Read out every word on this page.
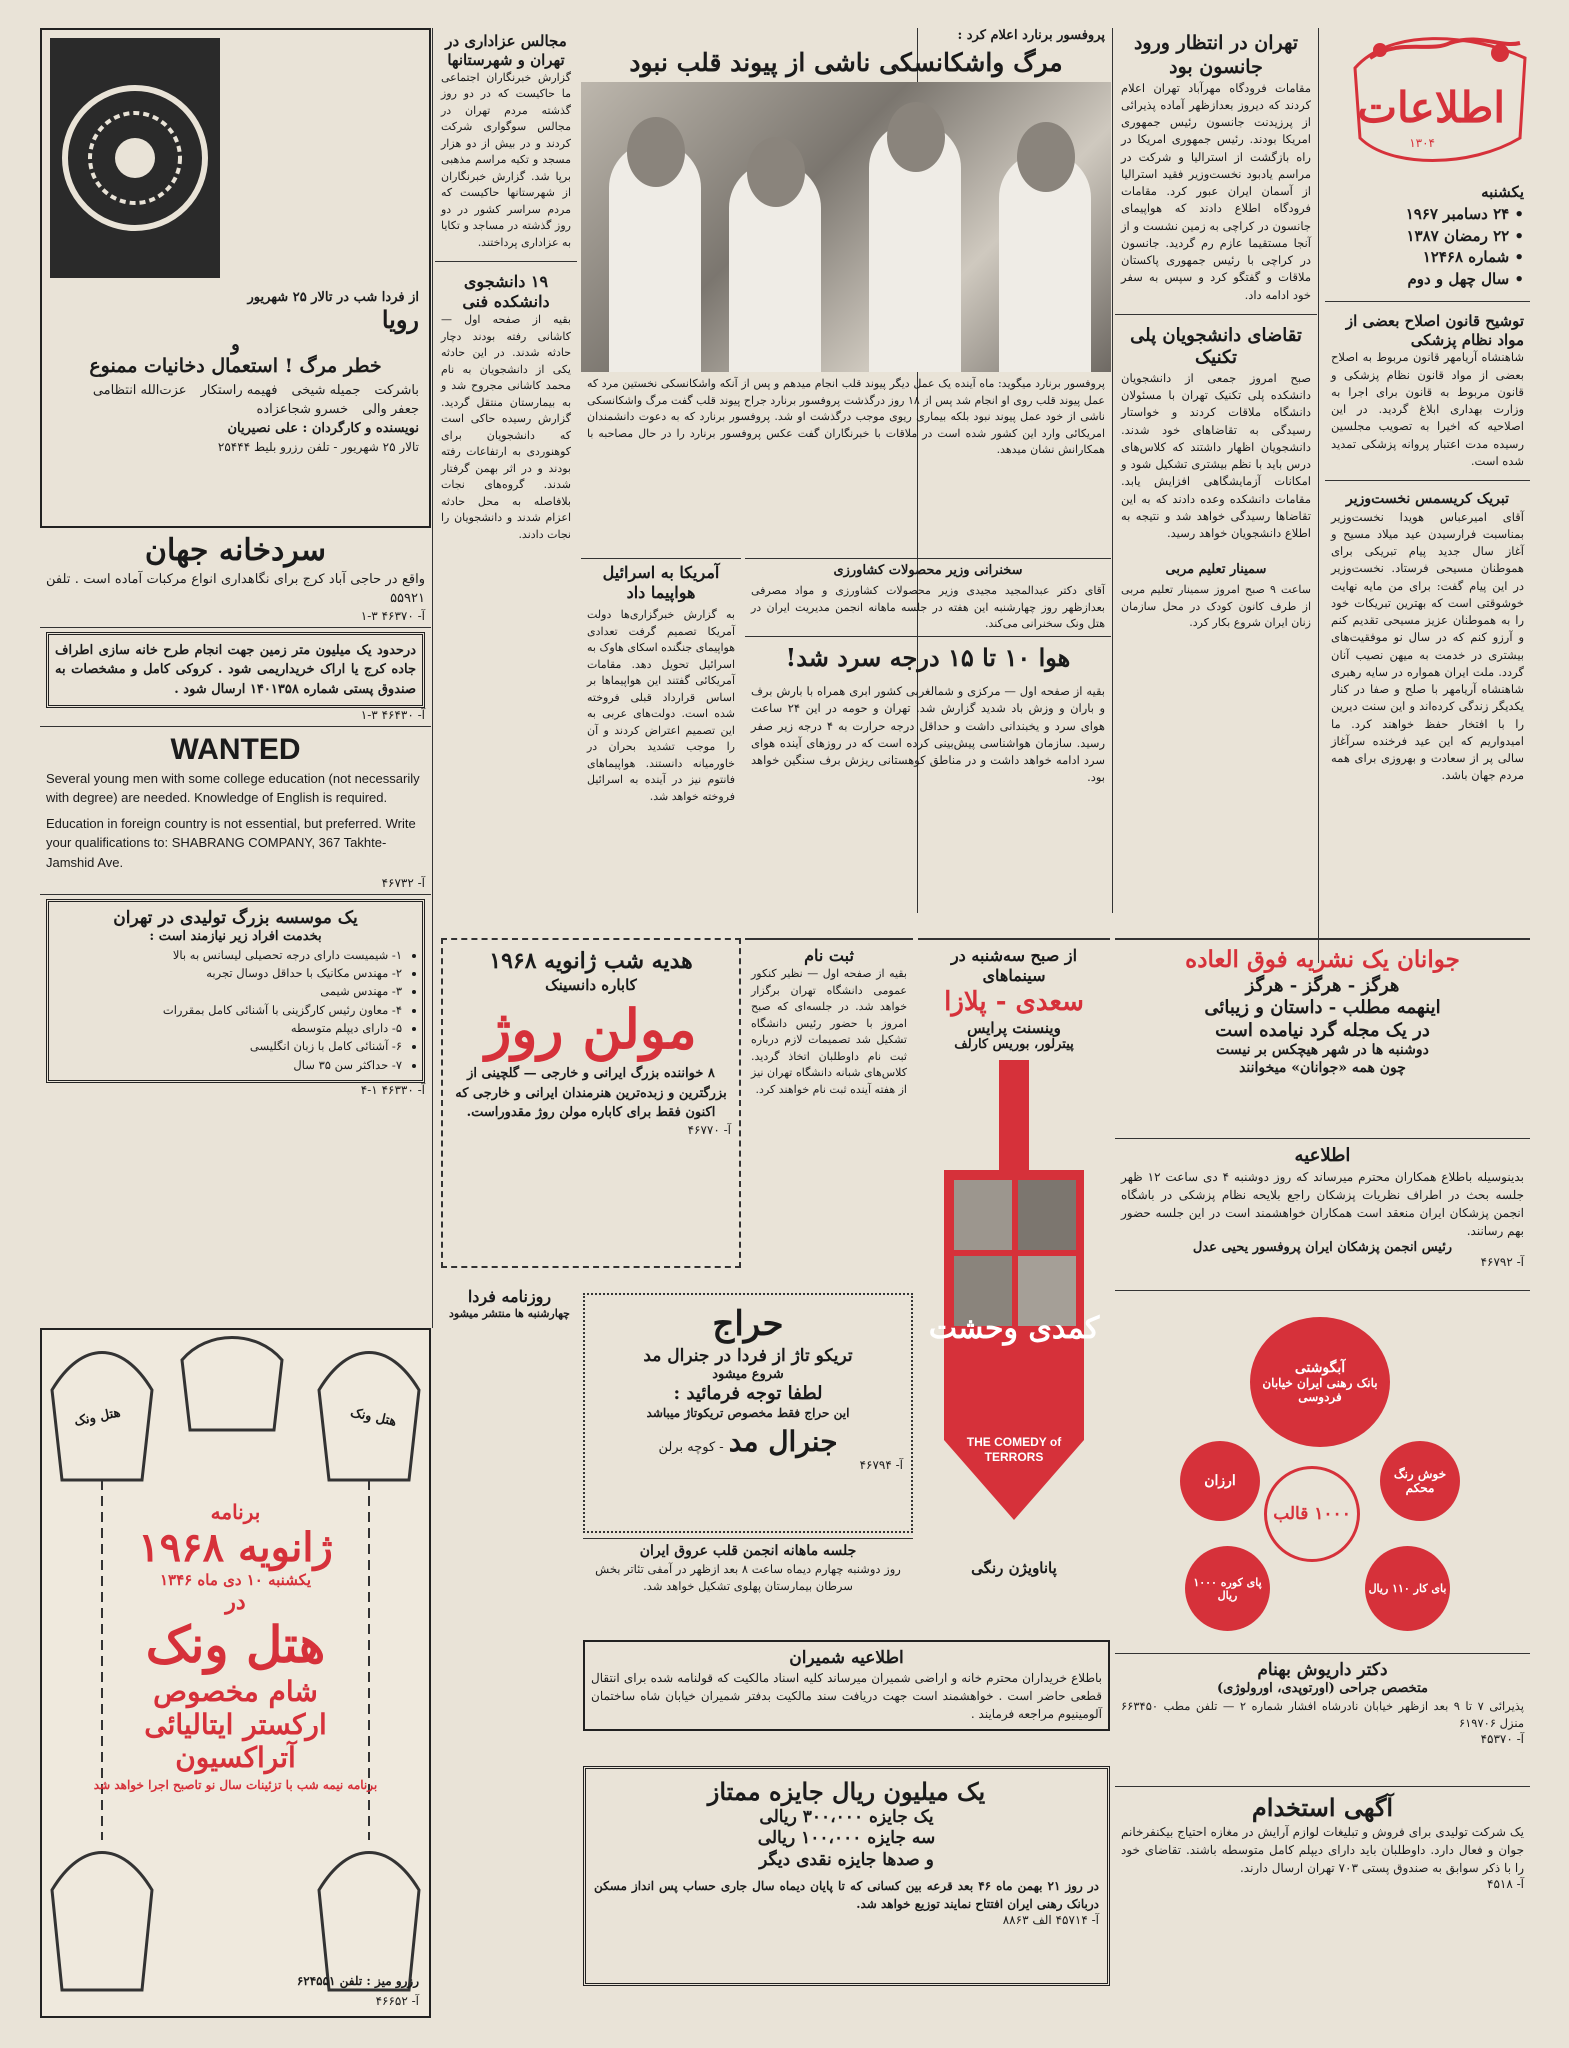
اطلاعات
۱۳۰۴
یکشنبه
• ۲۴ دسامبر ۱۹۶۷
• ۲۲ رمضان ۱۳۸۷
• شماره ۱۲۴۶۸
• سال چهل و دوم
توشیح قانون اصلاح بعضی از مواد نظام پزشکی
شاهنشاه آریامهر قانون مربوط به اصلاح بعضی از مواد قانون نظام پزشکی و قانون مربوط به قانون برای اجرا به وزارت بهداری ابلاغ گردید. در این اصلاحیه که اخیرا به تصویب مجلسین رسیده مدت اعتبار پروانه پزشکی تمدید شده است.
تبریک کریسمس نخست‌وزیر
آقای امیرعباس هویدا نخست‌وزیر بمناسبت فرارسیدن عید میلاد مسیح و آغاز سال جدید پیام تبریکی برای هموطنان مسیحی فرستاد. نخست‌وزیر در این پیام گفت: برای من مایه نهایت خوشوقتی است که بهترین تبریکات خود را به هموطنان عزیز مسیحی تقدیم کنم و آرزو کنم که در سال نو موفقیت‌های بیشتری در خدمت به میهن نصیب آنان گردد. ملت ایران همواره در سایه رهبری شاهنشاه آریامهر با صلح و صفا در کنار یکدیگر زندگی کرده‌اند و این سنت دیرین را با افتخار حفظ خواهند کرد. ما امیدواریم که این عید فرخنده سرآغاز سالی پر از سعادت و بهروزی برای همه مردم جهان باشد.
تهران در انتظار ورود جانسون بود
مقامات فرودگاه مهرآباد تهران اعلام کردند که دیروز بعدازظهر آماده پذیرائی از پرزیدنت جانسون رئیس جمهوری امریکا بودند. رئیس جمهوری امریکا در راه بازگشت از استرالیا و شرکت در مراسم یادبود نخست‌وزیر فقید استرالیا از آسمان ایران عبور کرد. مقامات فرودگاه اطلاع دادند که هواپیمای جانسون در کراچی به زمین نشست و از آنجا مستقیما عازم رم گردید. جانسون در کراچی با رئیس جمهوری پاکستان ملاقات و گفتگو کرد و سپس به سفر خود ادامه داد.
تقاضای دانشجویان پلی تکنیک
صبح امروز جمعی از دانشجویان دانشکده پلی تکنیک تهران با مسئولان دانشگاه ملاقات کردند و خواستار رسیدگی به تقاضاهای خود شدند. دانشجویان اظهار داشتند که کلاس‌های درس باید با نظم بیشتری تشکیل شود و امکانات آزمایشگاهی افزایش یابد. مقامات دانشکده وعده دادند که به این تقاضاها رسیدگی خواهد شد و نتیجه به اطلاع دانشجویان خواهد رسید.
پروفسور برنارد اعلام کرد :
مرگ واشکانسکی ناشی از پیوند قلب نبود
پروفسور برنارد میگوید: ماه آینده یک عمل دیگر پیوند قلب انجام میدهم و پس از آنکه واشکانسکی نخستین مرد که عمل پیوند قلب روی او انجام شد پس از ۱۸ روز درگذشت پروفسور برنارد جراح پیوند قلب گفت مرگ واشکانسکی ناشی از خود عمل پیوند نبود بلکه بیماری ریوی موجب درگذشت او شد. پروفسور برنارد که به دعوت دانشمندان امریکائی وارد این کشور شده است در ملاقات با خبرنگاران گفت عکس پروفسور برنارد را در حال مصاحبه با همکارانش نشان میدهد.
مجالس عزاداری در تهران و شهرستانها
گزارش خبرنگاران اجتماعی ما حاکیست که در دو روز گذشته مردم تهران در مجالس سوگواری شرکت کردند و در بیش از دو هزار مسجد و تکیه مراسم مذهبی برپا شد. گزارش خبرنگاران از شهرستانها حاکیست که مردم سراسر کشور در دو روز گذشته در مساجد و تکایا به عزاداری پرداختند.
۱۹ دانشجوی دانشکده فنی
بقیه از صفحه اول — کاشانی رفته بودند دچار حادثه شدند. در این حادثه یکی از دانشجویان به نام محمد کاشانی مجروح شد و به بیمارستان منتقل گردید. گزارش رسیده حاکی است که دانشجویان برای کوهنوردی به ارتفاعات رفته بودند و در اثر بهمن گرفتار شدند. گروه‌های نجات بلافاصله به محل حادثه اعزام شدند و دانشجویان را نجات دادند.
سخنرانی وزیر محصولات کشاورزی
آقای دکتر عبدالمجید مجیدی وزیر محصولات کشاورزی و مواد مصرفی بعدازظهر روز چهارشنبه این هفته در جلسه ماهانه انجمن مدیریت ایران در هتل ونک سخنرانی می‌کند.
سمینار تعلیم مربی
ساعت ۹ صبح امروز سمینار تعلیم مربی از طرف کانون کودک در محل سازمان زنان ایران شروع بکار کرد.
هوا ۱۰ تا ۱۵ درجه سرد شد!
بقیه از صفحه اول — مرکزی و شمالغربی کشور ابری همراه با بارش برف و باران و وزش باد شدید گزارش شد. تهران و حومه در این ۲۴ ساعت هوای سرد و یخبندانی داشت و حداقل درجه حرارت به ۴ درجه زیر صفر رسید. سازمان هواشناسی پیش‌بینی کرده است که در روزهای آینده هوای سرد ادامه خواهد داشت و در مناطق کوهستانی ریزش برف سنگین خواهد بود.
آمریکا به اسرائیل هواپیما داد
به گزارش خبرگزاری‌ها دولت آمریکا تصمیم گرفت تعدادی هواپیمای جنگنده اسکای هاوک به اسرائیل تحویل دهد. مقامات آمریکائی گفتند این هواپیماها بر اساس قرارداد قبلی فروخته شده است. دولت‌های عربی به این تصمیم اعتراض کردند و آن را موجب تشدید بحران در خاورمیانه دانستند. هواپیماهای فانتوم نیز در آینده به اسرائیل فروخته خواهد شد.
از فردا شب در تالار ۲۵ شهریور
رویا
و
خطر مرگ ! استعمال دخانیات ممنوع
باشرکت
جمیله شیخی
فهیمه راستکار
عزت‌الله انتظامی
جعفر والی
خسرو شجاعزاده
نویسنده و کارگردان : علی نصیریان
تالار ۲۵ شهریور - تلفن رزرو بلیط ۲۵۴۴۴
سردخانه جهان
واقع در حاجی آباد کرج برای نگاهداری انواع مرکبات آماده است . تلفن ۵۵۹۲۱
آ- ۴۶۳۷۰ ۳-۱
درحدود یک میلیون متر زمین جهت انجام طرح خانه سازی اطراف جاده کرج یا اراک خریداریمی شود . کروکی کامل و مشخصات به صندوق پستی شماره ۱۴۰۱۳۵۸ ارسال شود .
آ- ۴۶۴۳۰ ۳-۱
WANTED
Several young men with some college education (not necessarily with degree) are needed. Knowledge of English is required.
Education in foreign country is not essential, but preferred. Write your qualifications to: SHABRANG COMPANY, 367 Takhte-Jamshid Ave.
آ- ۴۶۷۳۲
یک موسسه بزرگ تولیدی در تهران
بخدمت افراد زیر نیازمند است :
• ۱- شیمیست دارای درجه تحصیلی لیسانس به بالا
• ۲- مهندس مکانیک با حداقل دوسال تجربه
• ۳- مهندس شیمی
• ۴- معاون رئیس کارگزینی با آشنائی کامل بمقررات
• ۵- دارای دیپلم متوسطه
• ۶- آشنائی کامل با زبان انگلیسی
• ۷- حداکثر سن ۳۵ سال
آ- ۴۶۳۳۰ ۱-۴
جوانان یک نشریه فوق العاده
هرگز - هرگز - هرگز
اینهمه مطلب - داستان و زیبائی
در یک مجله گرد نیامده است
دوشنبه ها در شهر هیچکس بر نیست
چون همه «جوانان» میخوانند
اطلاعیه
بدینوسیله باطلاع همکاران محترم میرساند که روز دوشنبه ۴ دی ساعت ۱۲ ظهر جلسه بحث در اطراف نظریات پزشکان راجع بلایحه نظام پزشکی در باشگاه انجمن پزشکان ایران منعقد است همکاران خواهشمند است در این جلسه حضور بهم رسانند.
رئیس انجمن پزشکان ایران پروفسور یحیی عدل
آ- ۴۶۷۹۲
آبگوشتی
بانک رهنی ایران خیابان فردوسی
خوش رنگ محکم
ارزان
۱۰۰۰ قالب
پای کوره ۱۰۰۰ ریال	بای کار ۱۱۰ ریال
دکتر داریوش بهنام
متخصص جراحی (اورتوپدی، اورولوژی)
پذیرائی ۷ تا ۹ بعد ازظهر خیابان نادرشاه افشار شماره ۲ — تلفن مطب ۶۶۳۴۵۰ منزل ۶۱۹۷۰۶
آ- ۴۵۳۷۰
آگهی استخدام
یک شرکت تولیدی برای فروش و تبلیغات لوازم آرایش در مغازه احتیاج بیکنفرخانم جوان و فعال دارد. داوطلبان باید دارای دیپلم کامل متوسطه باشند. تقاضای خود را با ذکر سوابق به صندوق پستی ۷۰۳ تهران ارسال دارند.
آ- ۴۵۱۸
ثبت نام
بقیه از صفحه اول — نظیر کنکور عمومی دانشگاه تهران برگزار خواهد شد. در جلسه‌ای که صبح امروز با حضور رئیس دانشگاه تشکیل شد تصمیمات لازم درباره ثبت نام داوطلبان اتخاذ گردید. کلاس‌های شبانه دانشگاه تهران نیز از هفته آینده ثبت نام خواهند کرد.
از صبح سه‌شنبه در سینماهای
سعدی - پلازا
وینسنت پرایس
پیترلور، بوریس کارلف
کمدی وحشت
THE COMEDY of TERRORS
پاناویژن رنگی
هدیه شب ژانویه ۱۹۶۸
کاباره دانسینک
مولن روژ
۸ خواننده بزرگ ایرانی و خارجی — گلچینی از بزرگترین و زبده‌ترین هنرمندان ایرانی و خارجی که اکنون فقط برای کاباره مولن روژ مقدوراست.
آ- ۴۶۷۷۰
روزنامه فردا
چهارشنبه ها منتشر میشود	حراج
تریکو تاژ از فردا در جنرال مد
شروع میشود
لطفا توجه فرمائید :
این حراج فقط مخصوص تریکوتاژ میباشد
جنرال مد - کوچه برلن
آ- ۴۶۷۹۴
جلسه ماهانه انجمن قلب عروق ایران
روز دوشنبه چهارم دیماه ساعت ۸ بعد ازظهر در آمفی تئاتر بخش سرطان بیمارستان پهلوی تشکیل خواهد شد.
اطلاعیه شمیران
باطلاع خریداران محترم خانه و اراضی شمیران میرساند کلیه اسناد مالکیت که قولنامه شده برای انتقال قطعی حاضر است . خواهشمند است جهت دریافت سند مالکیت بدفتر شمیران خیابان شاه ساختمان آلومینیوم مراجعه فرمایند .
یک میلیون ریال جایزه ممتاز
یک جایزه ۳۰۰،۰۰۰ ریالی
سه جایزه ۱۰۰،۰۰۰ ریالی
و صدها جایزه نقدی دیگر
در روز ۲۱ بهمن ماه ۴۶ بعد قرعه بین کسانی که تا پایان دیماه سال جاری حساب پس انداز مسکن دربانک رهنی ایران افتتاح نمایند توزیع خواهد شد.
آ- ۴۵۷۱۴ الف ۸۸۶۳
هتل ونک	هتل ونک
برنامه
ژانویه ۱۹۶۸
یکشنبه ۱۰ دی ماه ۱۳۴۶
در
هتل ونک
شام مخصوص
ارکستر ایتالیائی
آتراکسیون
برنامه نیمه شب با تزئینات سال نو تاصبح اجرا خواهد شد
رزرو میز : تلفن ۶۲۴۵۵۱
آ- ۴۶۶۵۲
